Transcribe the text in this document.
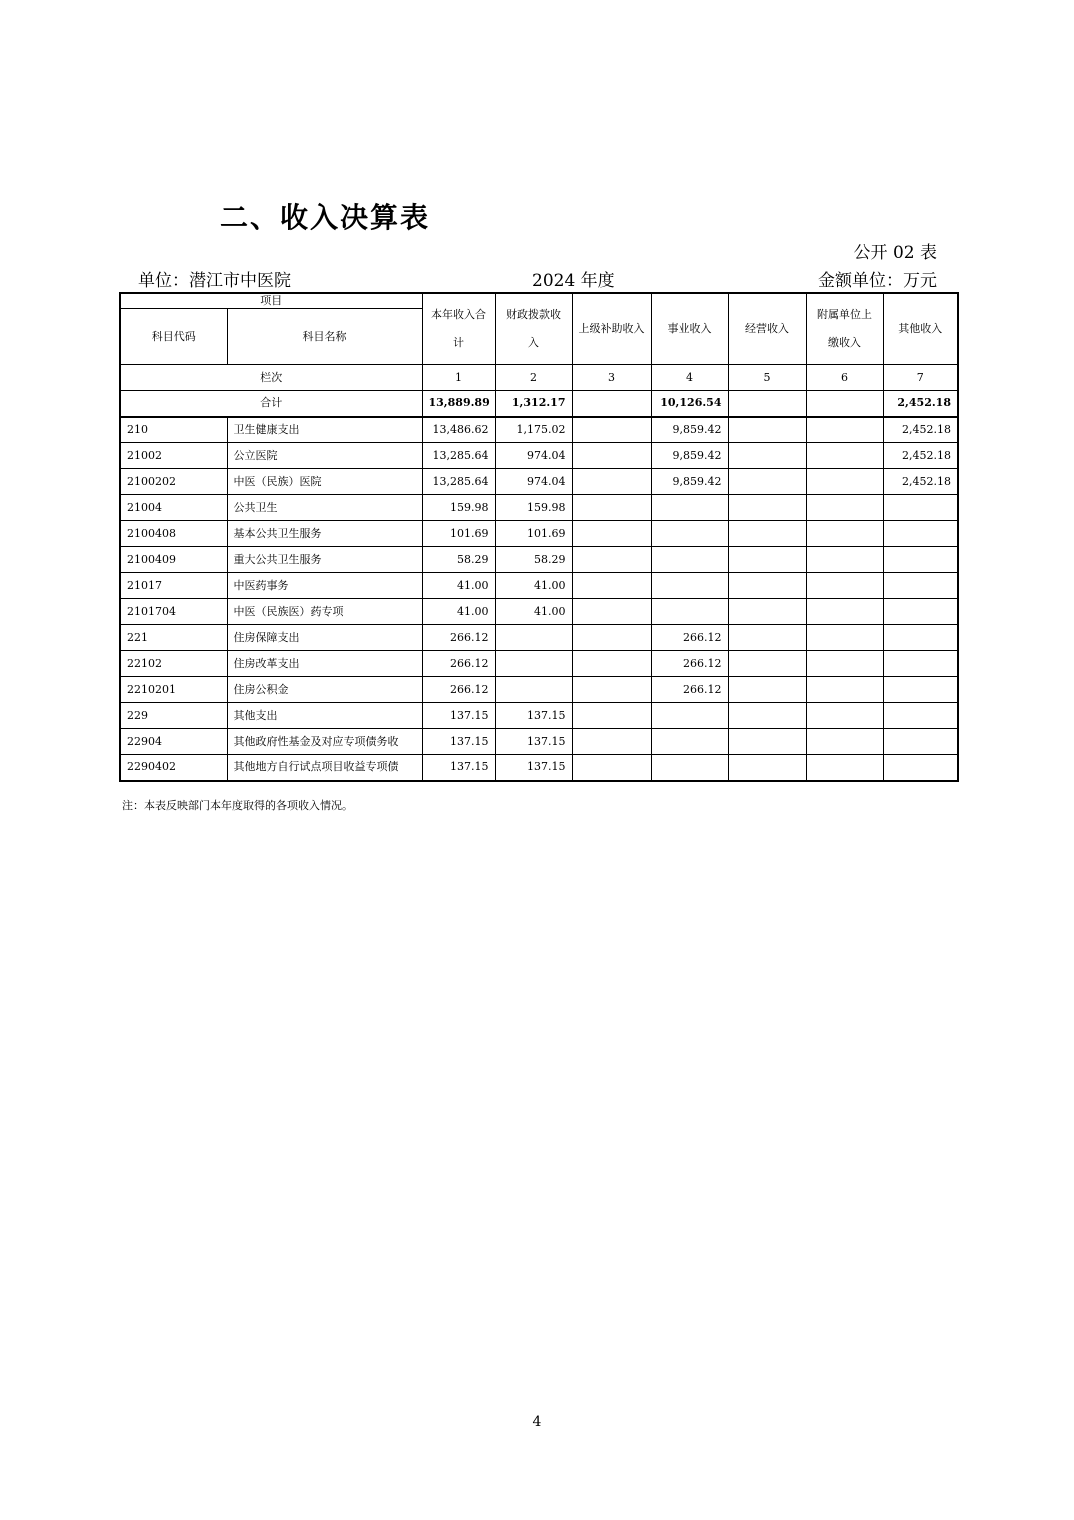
二、收入决算表
公开 02 表
单位：潜江市中医院	2024 年度	金额单位：万元
项目		本年收入合计	财政拨款收入	上级补助收入	事业收入	经营收入	附属单位上缴收入	其他收入
科目代码	科目名称							
栏次		1	2	3	4	5	6	7
合计		13,889.89	1,312.17		10,126.54			2,452.18
210	卫生健康支出	13,486.62	1,175.02		9,859.42			2,452.18
21002	公立医院	13,285.64	974.04		9,859.42			2,452.18
2100202	中医（民族）医院	13,285.64	974.04		9,859.42			2,452.18
21004	公共卫生	159.98	159.98					
2100408	基本公共卫生服务	101.69	101.69					
2100409	重大公共卫生服务	58.29	58.29					
21017	中医药事务	41.00	41.00					
2101704	中医（民族医）药专项	41.00	41.00					
221	住房保障支出	266.12			266.12			
22102	住房改革支出	266.12			266.12			
2210201	住房公积金	266.12			266.12			
229	其他支出	137.15	137.15					
22904	其他政府性基金及对应专项债务收	137.15	137.15					
2290402	其他地方自行试点项目收益专项债	137.15	137.15					
注：本表反映部门本年度取得的各项收入情况。
4
